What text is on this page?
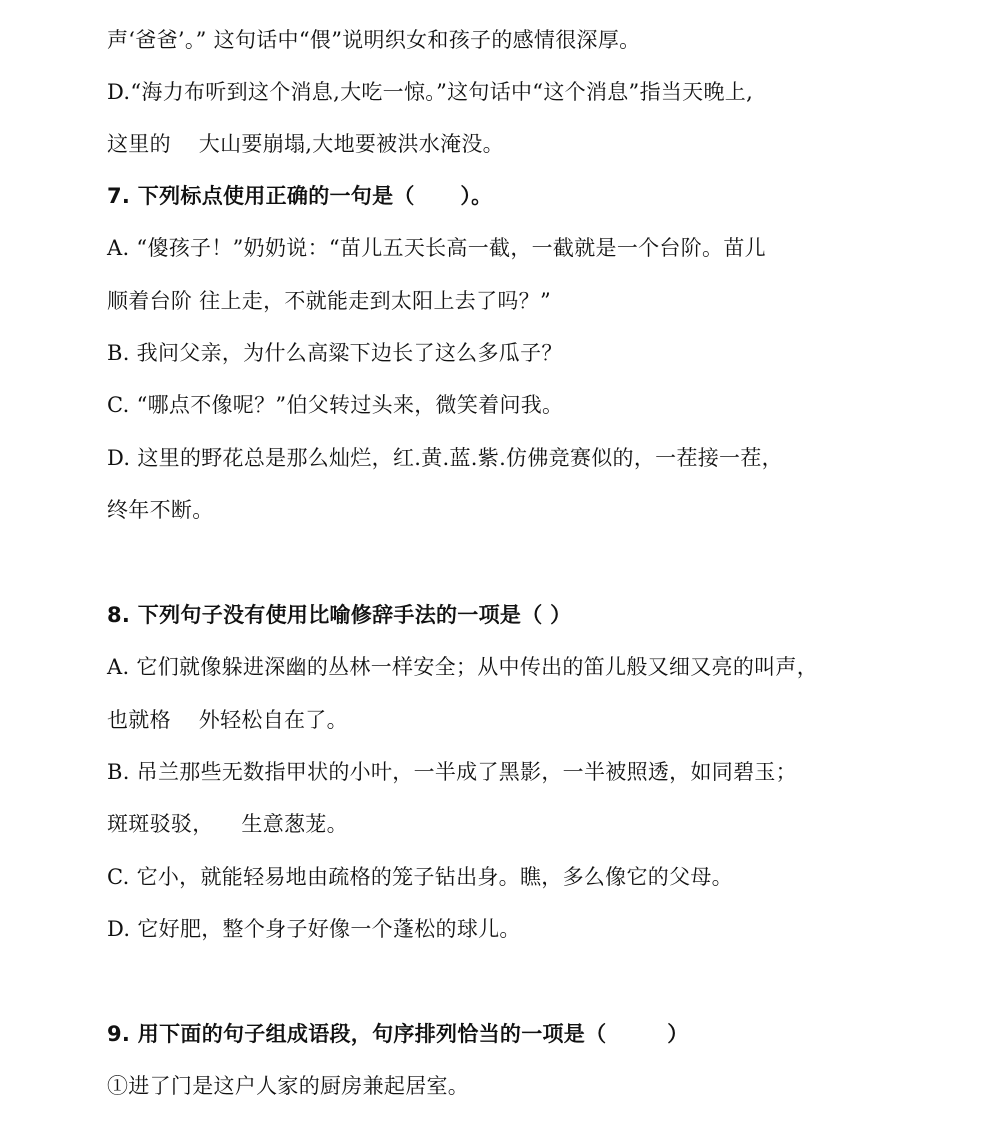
声‘爸爸’。” 这句话中“偎”说明织女和孩子的感情很深厚。
D.“海力布听到这个消息,大吃一惊。”这句话中“这个消息”指当天晚上,
这里的    大山要崩塌,大地要被洪水淹没。
7. 下列标点使用正确的一句是（      ）。
A. “傻孩子！”奶奶说：“苗儿五天长高一截，一截就是一个台阶。苗儿
顺着台阶 往上走，不就能走到太阳上去了吗？”
B. 我问父亲，为什么高粱下边长了这么多瓜子？
C. “哪点不像呢？”伯父转过头来，微笑着问我。
D. 这里的野花总是那么灿烂，红.黄.蓝.紫.仿佛竞赛似的，一茬接一茬，
终年不断。
8. 下列句子没有使用比喻修辞手法的一项是（ ）
A. 它们就像躲进深幽的丛林一样安全；从中传出的笛儿般又细又亮的叫声，
也就格    外轻松自在了。
B. 吊兰那些无数指甲状的小叶，一半成了黑影，一半被照透，如同碧玉；
斑斑驳驳，    生意葱茏。
C. 它小，就能轻易地由疏格的笼子钻出身。瞧，多么像它的父母。
D. 它好肥，整个身子好像一个蓬松的球儿。
9. 用下面的句子组成语段，句序排列恰当的一项是（        ）
①进了门是这户人家的厨房兼起居室。
